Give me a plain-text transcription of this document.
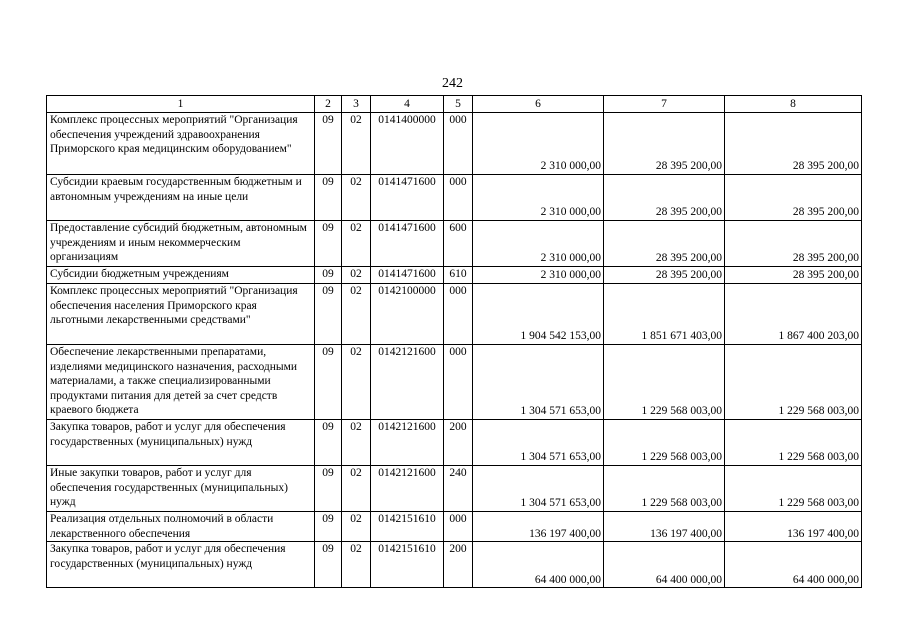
242
1	2	3	4	5	6	7	8
Комплекс процессных мероприятий "Организация обеспечения учреждений здравоохранения Приморского края медицинским оборудованием"	09	02	0141400000	000	2 310 000,00	28 395 200,00	28 395 200,00
Субсидии краевым государственным бюджетным и автономным учреждениям на иные цели	09	02	0141471600	000	2 310 000,00	28 395 200,00	28 395 200,00
Предоставление субсидий бюджетным, автономным учреждениям и иным некоммерческим организациям	09	02	0141471600	600	2 310 000,00	28 395 200,00	28 395 200,00
Субсидии бюджетным учреждениям	09	02	0141471600	610	2 310 000,00	28 395 200,00	28 395 200,00
Комплекс процессных мероприятий "Организация обеспечения населения Приморского края льготными лекарственными средствами"	09	02	0142100000	000	1 904 542 153,00	1 851 671 403,00	1 867 400 203,00
Обеспечение лекарственными препаратами, изделиями медицинского назначения, расходными материалами, а также специализированными продуктами питания для детей за счет средств краевого бюджета	09	02	0142121600	000	1 304 571 653,00	1 229 568 003,00	1 229 568 003,00
Закупка товаров, работ и услуг для обеспечения государственных (муниципальных) нужд	09	02	0142121600	200	1 304 571 653,00	1 229 568 003,00	1 229 568 003,00
Иные закупки товаров, работ и услуг для обеспечения государственных (муниципальных) нужд	09	02	0142121600	240	1 304 571 653,00	1 229 568 003,00	1 229 568 003,00
Реализация отдельных полномочий в области лекарственного обеспечения	09	02	0142151610	000	136 197 400,00	136 197 400,00	136 197 400,00
Закупка товаров, работ и услуг для обеспечения государственных (муниципальных) нужд	09	02	0142151610	200	64 400 000,00	64 400 000,00	64 400 000,00
